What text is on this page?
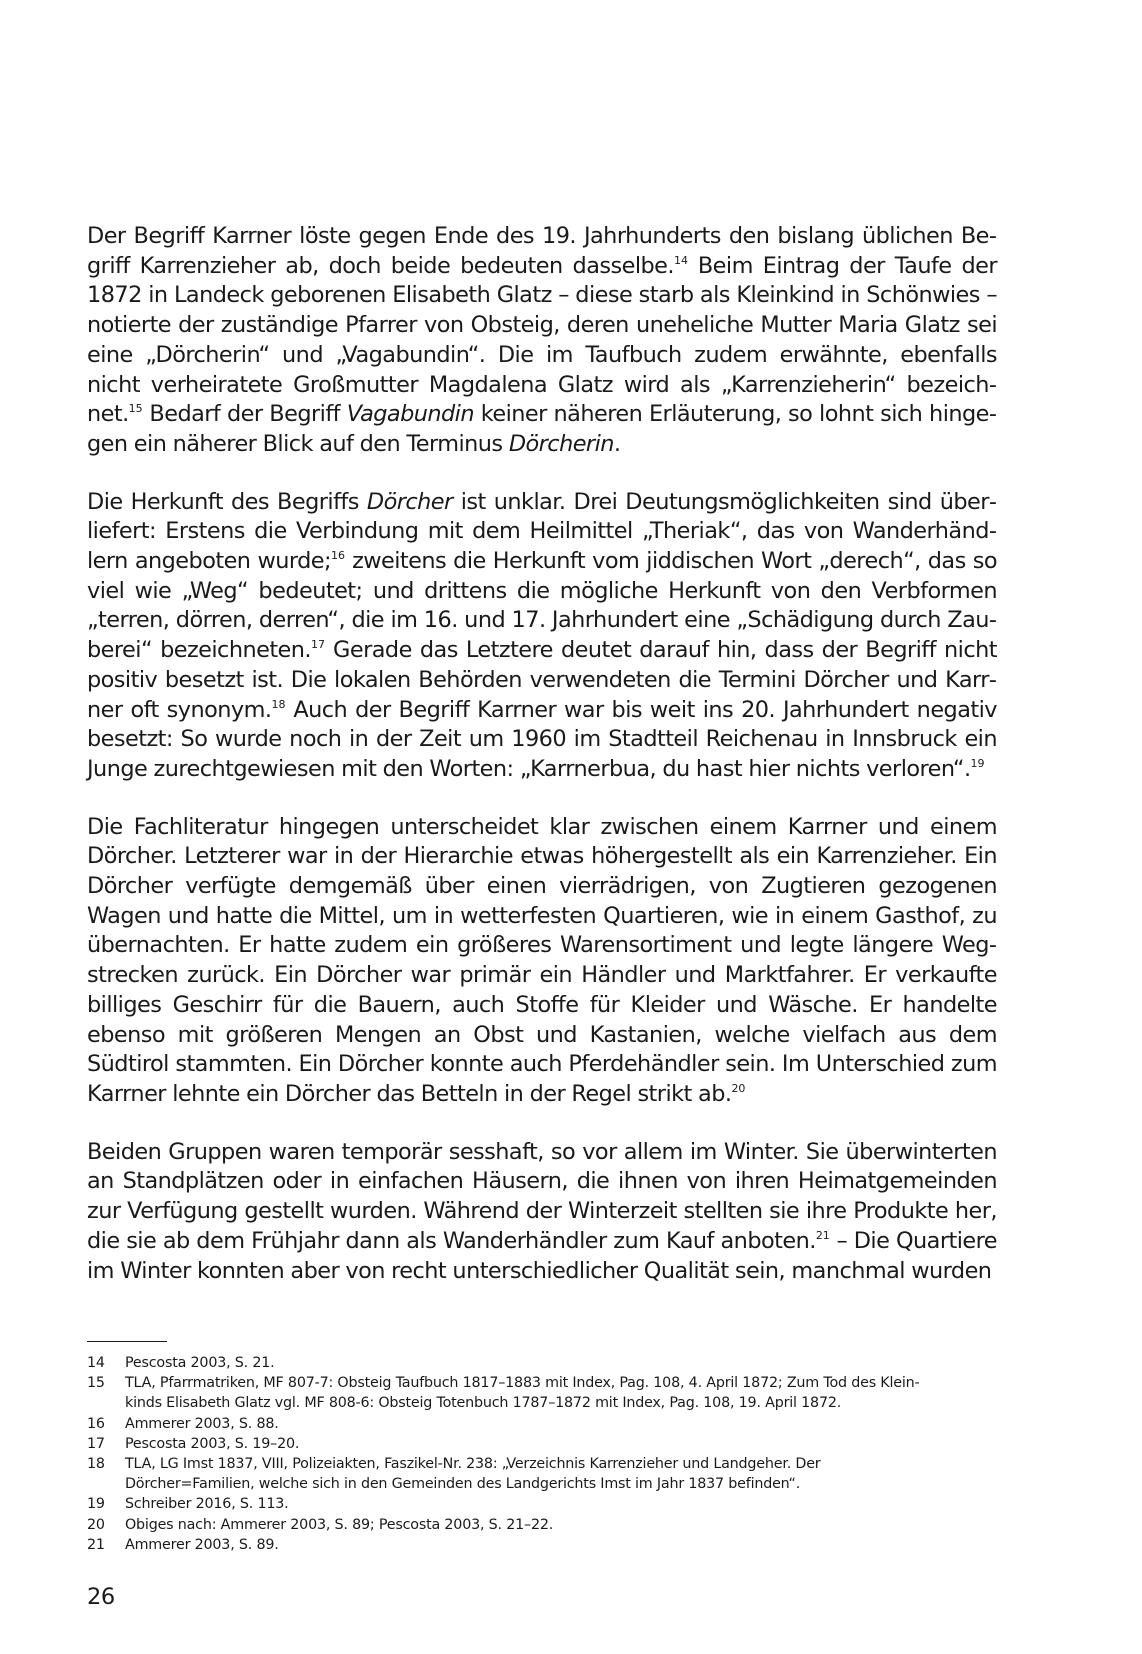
Der Begriff Karrner löste gegen Ende des 19. Jahrhunderts den bislang üblichen Begriff Karrenzieher ab, doch beide bedeuten dasselbe.$^{14}$ Beim Eintrag der Taufe der 1872 in Landeck geborenen Elisabeth Glatz – diese starb als Kleinkind in Schönwies – notierte der zuständige Pfarrer von Obsteig, deren uneheliche Mutter Maria Glatz sei eine „Dörcherin“ und „Vagabundin“. Die im Taufbuch zudem erwähnte, ebenfalls nicht verheiratete Großmutter Magdalena Glatz wird als „Karrenzieherin“ bezeichnet.$^{15}$ Bedarf der Begriff Vagabundin keiner näheren Erläuterung, so lohnt sich hingegen ein näherer Blick auf den Terminus Dörcherin.

Die Herkunft des Begriffs Dörcher ist unklar. Drei Deutungsmöglichkeiten sind überliefert: Erstens die Verbindung mit dem Heilmittel „Theriak“, das von Wanderhändlern angeboten wurde;$^{16}$ zweitens die Herkunft vom jiddischen Wort „derech“, das so viel wie „Weg“ bedeutet; und drittens die mögliche Herkunft von den Verbformen „terren, dörren, derren“, die im 16. und 17. Jahrhundert eine „Schädigung durch Zauberei“ bezeichneten.$^{17}$ Gerade das Letztere deutet darauf hin, dass der Begriff nicht positiv besetzt ist. Die lokalen Behörden verwendeten die Termini Dörcher und Karrner oft synonym.$^{18}$ Auch der Begriff Karrner war bis weit ins 20. Jahrhundert negativ besetzt: So wurde noch in der Zeit um 1960 im Stadtteil Reichenau in Innsbruck ein Junge zurechtgewiesen mit den Worten: „Karrnerbua, du hast hier nichts verloren“.$^{19}$

Die Fachliteratur hingegen unterscheidet klar zwischen einem Karrner und einem Dörcher. Letzterer war in der Hierarchie etwas höhergestellt als ein Karrenzieher. Ein Dörcher verfügte demgemäß über einen vierrädrigen, von Zugtieren gezogenen Wagen und hatte die Mittel, um in wetterfesten Quartieren, wie in einem Gasthof, zu übernachten. Er hatte zudem ein größeres Warensortiment und legte längere Wegstrecken zurück. Ein Dörcher war primär ein Händler und Marktfahrer. Er verkaufte billiges Geschirr für die Bauern, auch Stoffe für Kleider und Wäsche. Er handelte ebenso mit größeren Mengen an Obst und Kastanien, welche vielfach aus dem Südtirol stammten. Ein Dörcher konnte auch Pferdehändler sein. Im Unterschied zum Karrner lehnte ein Dörcher das Betteln in der Regel strikt ab.$^{20}$

Beiden Gruppen waren temporär sesshaft, so vor allem im Winter. Sie überwinterten an Standplätzen oder in einfachen Häusern, die ihnen von ihren Heimatgemeinden zur Verfügung gestellt wurden. Während der Winterzeit stellten sie ihre Produkte her, die sie ab dem Frühjahr dann als Wanderhändler zum Kauf anboten.$^{21}$ – Die Quartiere im Winter konnten aber von recht unterschiedlicher Qualität sein, manchmal wurden

14	Pescosta 2003, S. 21.
15	TLA, Pfarrmatriken, MF 807-7: Obsteig Taufbuch 1817–1883 mit Index, Pag. 108, 4. April 1872; Zum Tod des Klein-
kinds Elisabeth Glatz vgl. MF 808-6: Obsteig Totenbuch 1787–1872 mit Index, Pag. 108, 19. April 1872.
16	Ammerer 2003, S. 88.
17	Pescosta 2003, S. 19–20.
18	TLA, LG Imst 1837, VIII, Polizeiakten, Faszikel-Nr. 238: „Verzeichnis Karrenzieher und Landgeher. Der
Dörcher=Familien, welche sich in den Gemeinden des Landgerichts Imst im Jahr 1837 befinden“.
19	Schreiber 2016, S. 113.
20	Obiges nach: Ammerer 2003, S. 89; Pescosta 2003, S. 21–22.
21	Ammerer 2003, S. 89.
26
